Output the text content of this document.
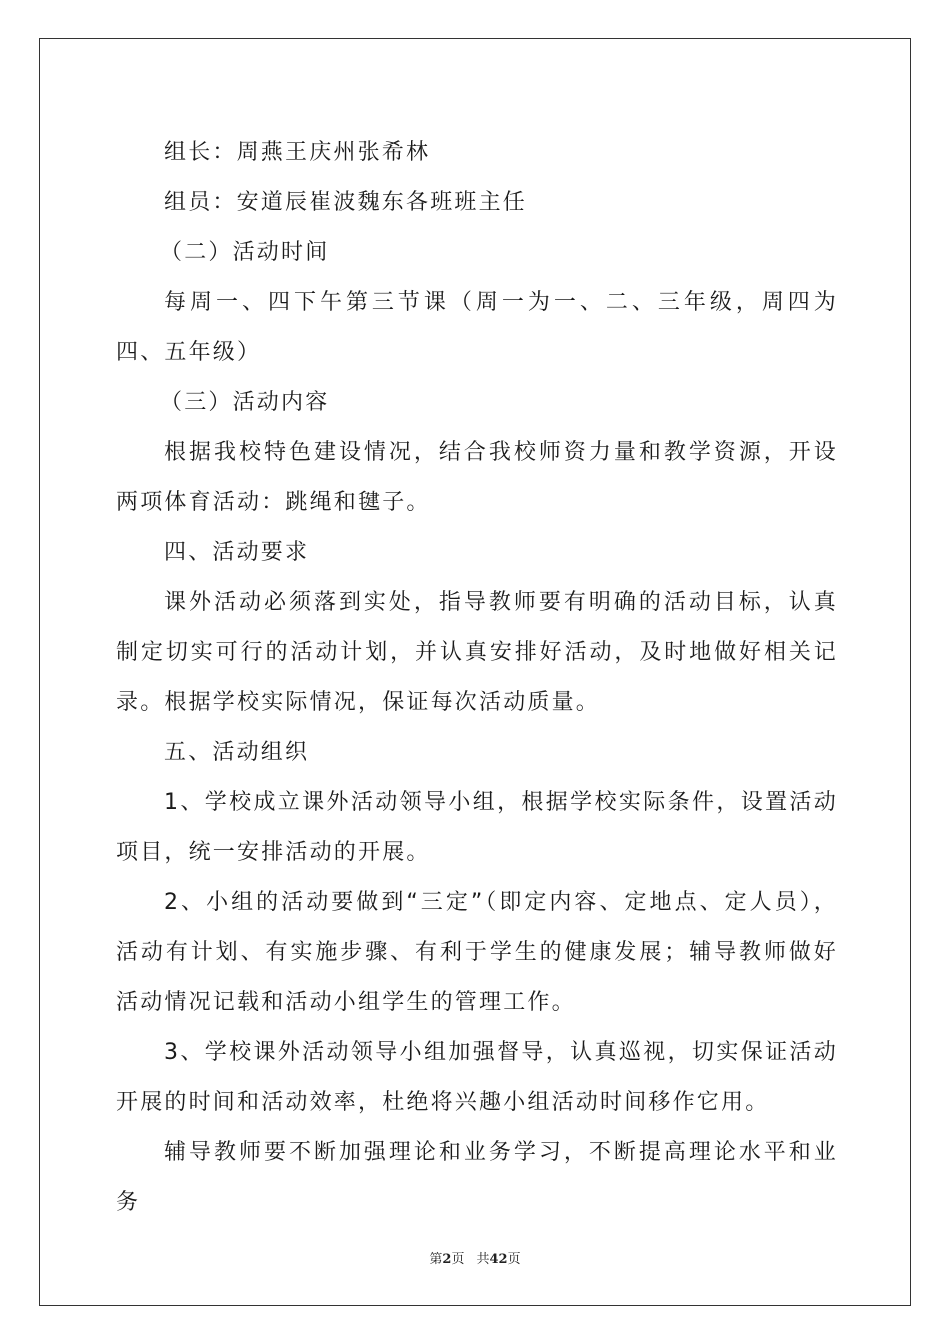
组长：周燕王庆州张希林

组员：安道辰崔波魏东各班班主任

（二）活动时间

每周一、四下午第三节课（周一为一、二、三年级，周四为四、五年级）

（三）活动内容

根据我校特色建设情况，结合我校师资力量和教学资源，开设两项体育活动：跳绳和毽子。

四、活动要求

课外活动必须落到实处，指导教师要有明确的活动目标，认真制定切实可行的活动计划，并认真安排好活动，及时地做好相关记录。根据学校实际情况，保证每次活动质量。

五、活动组织

1、学校成立课外活动领导小组，根据学校实际条件，设置活动项目，统一安排活动的开展。

2、小组的活动要做到“三定”（即定内容、定地点、定人员），活动有计划、有实施步骤、有利于学生的健康发展；辅导教师做好活动情况记载和活动小组学生的管理工作。

3、学校课外活动领导小组加强督导，认真巡视，切实保证活动开展的时间和活动效率，杜绝将兴趣小组活动时间移作它用。

辅导教师要不断加强理论和业务学习，不断提高理论水平和业务

第2页 共42页
